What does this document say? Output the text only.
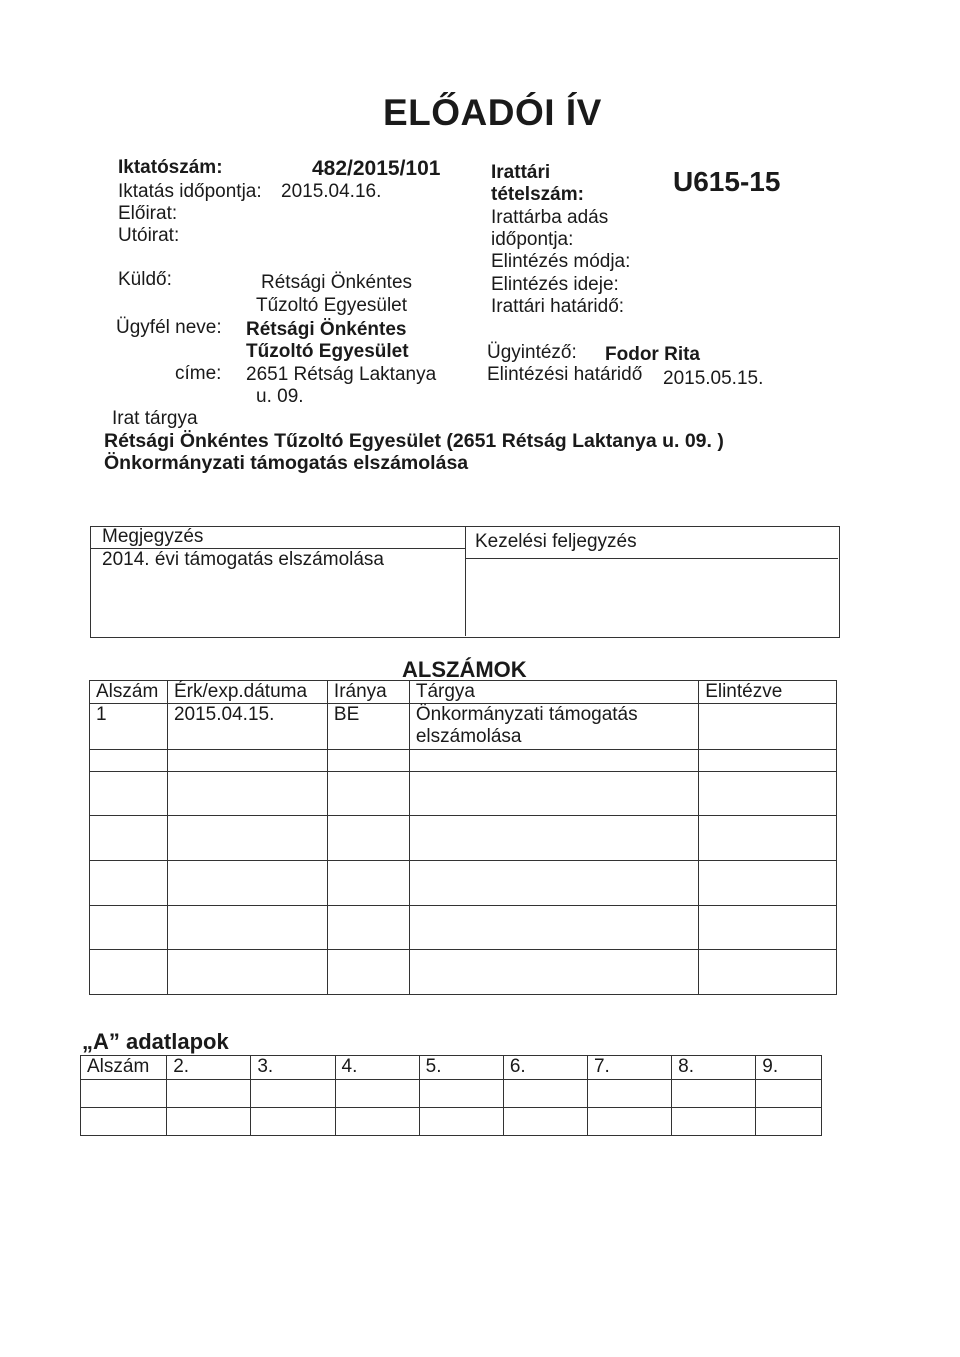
ELŐADÓI ÍV
Iktatószám:	482/2015/101
Iktatás időpontja: 2015.04.16.
Előirat:
Utóirat:
Küldő:	Rétsági Önkéntes
Tűzoltó Egyesület
Ügyfél neve: Rétsági Önkéntes
Tűzoltó Egyesület
címe: 2651 Rétság Laktanya
u. 09.
Irat tárgya
Irattári
tételszám:	U615-15
Irattárba adás
időpontja:
Elintézés módja:
Elintézés ideje:
Irattári határidő:
Ügyintéző: Fodor Rita
Elintézési határidő 2015.05.15.
Rétsági Önkéntes Tűzoltó Egyesület (2651 Rétság Laktanya u. 09. )
Önkormányzati támogatás elszámolása
Megjegyzés
2014. évi támogatás elszámolása
Kezelési feljegyzés
ALSZÁMOK
Alszám	Érk/exp.dátuma	Iránya	Tárgya	Elintézve
1	2015.04.15.	BE	Önkormányzati támogatás
elszámolása	

„A” adatlapok
Alszám	2.	3.	4.	5.	6.	7.	8.	9.
